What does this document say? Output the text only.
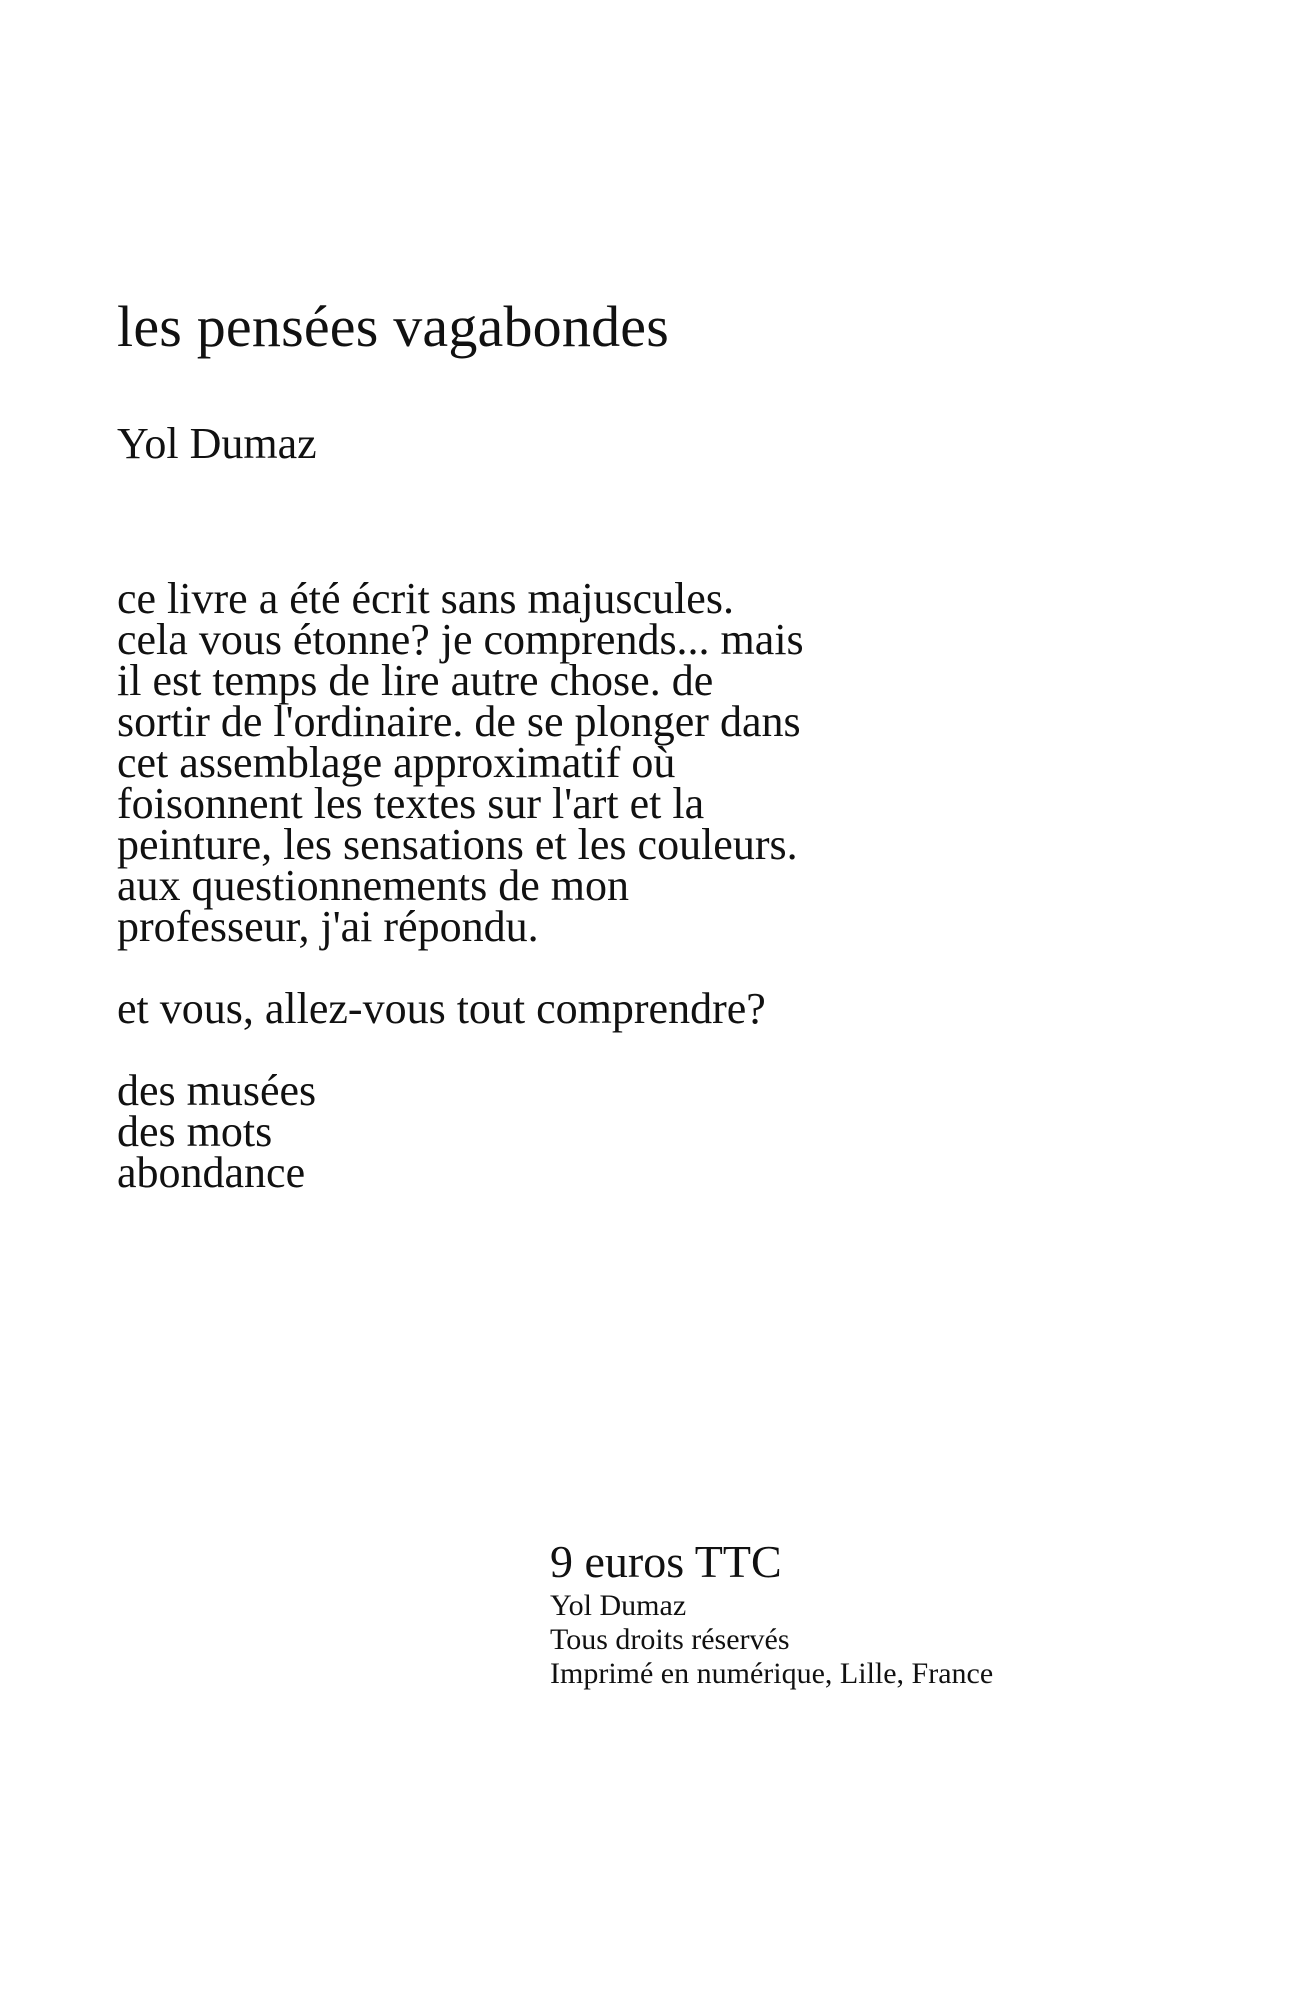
les pensées vagabondes
Yol Dumaz

ce livre a été écrit sans majuscules.
cela vous étonne? je comprends... mais
il est temps de lire autre chose. de
sortir de l'ordinaire. de se plonger dans
cet assemblage approximatif où
foisonnent les textes sur l'art et la
peinture, les sensations et les couleurs.
aux questionnements de mon
professeur, j'ai répondu.

et vous, allez-vous tout comprendre?

des musées
des mots
abondance

9 euros TTC
Yol Dumaz
Tous droits réservés
Imprimé en numérique, Lille, France
